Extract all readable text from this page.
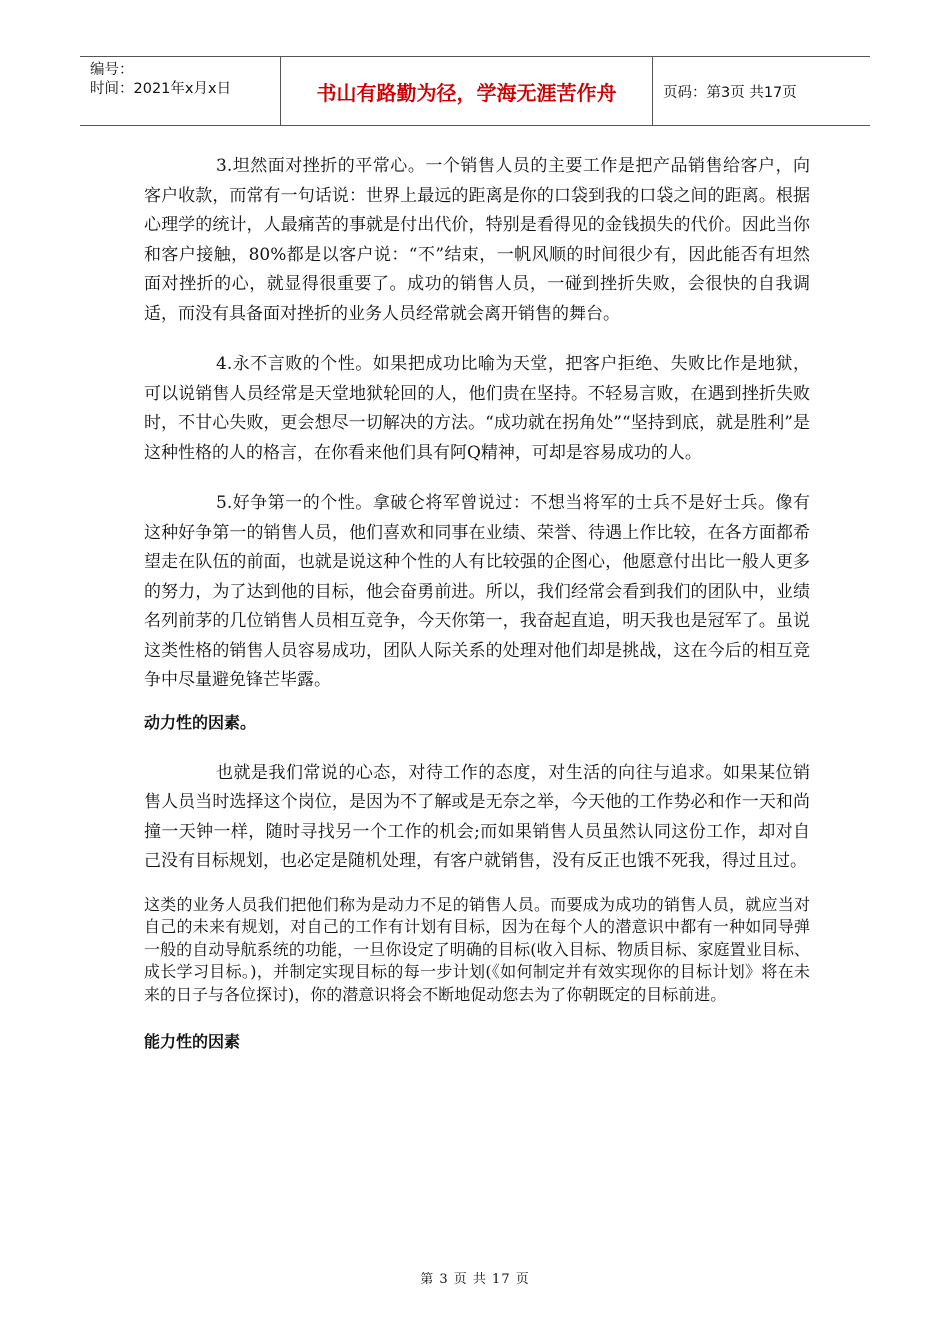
编号：
时间：2021年x月x日	书山有路勤为径，学海无涯苦作舟	页码：第3页 共17页

3.坦然面对挫折的平常心。一个销售人员的主要工作是把产品销售给客户，向客户收款，而常有一句话说：世界上最远的距离是你的口袋到我的口袋之间的距离。根据心理学的统计，人最痛苦的事就是付出代价，特别是看得见的金钱损失的代价。因此当你和客户接触，80%都是以客户说：“不”结束，一帆风顺的时间很少有，因此能否有坦然面对挫折的心，就显得很重要了。成功的销售人员，一碰到挫折失败，会很快的自我调适，而没有具备面对挫折的业务人员经常就会离开销售的舞台。

4.永不言败的个性。如果把成功比喻为天堂，把客户拒绝、失败比作是地狱，可以说销售人员经常是天堂地狱轮回的人，他们贵在坚持。不轻易言败，在遇到挫折失败时，不甘心失败，更会想尽一切解决的方法。“成功就在拐角处”“坚持到底，就是胜利”是这种性格的人的格言，在你看来他们具有阿Q精神，可却是容易成功的人。

5.好争第一的个性。拿破仑将军曾说过：不想当将军的士兵不是好士兵。像有这种好争第一的销售人员，他们喜欢和同事在业绩、荣誉、待遇上作比较，在各方面都希望走在队伍的前面，也就是说这种个性的人有比较强的企图心，他愿意付出比一般人更多的努力，为了达到他的目标，他会奋勇前进。所以，我们经常会看到我们的团队中，业绩名列前茅的几位销售人员相互竞争，今天你第一，我奋起直追，明天我也是冠军了。虽说这类性格的销售人员容易成功，团队人际关系的处理对他们却是挑战，这在今后的相互竞争中尽量避免锋芒毕露。

动力性的因素。

也就是我们常说的心态，对待工作的态度，对生活的向往与追求。如果某位销售人员当时选择这个岗位，是因为不了解或是无奈之举，今天他的工作势必和作一天和尚撞一天钟一样，随时寻找另一个工作的机会;而如果销售人员虽然认同这份工作，却对自己没有目标规划，也必定是随机处理，有客户就销售，没有反正也饿不死我，得过且过。

这类的业务人员我们把他们称为是动力不足的销售人员。而要成为成功的销售人员，就应当对自己的未来有规划，对自己的工作有计划有目标，因为在每个人的潜意识中都有一种如同导弹一般的自动导航系统的功能，一旦你设定了明确的目标(收入目标、物质目标、家庭置业目标、成长学习目标。)，并制定实现目标的每一步计划(《如何制定并有效实现你的目标计划》将在未来的日子与各位探讨)，你的潜意识将会不断地促动您去为了你朝既定的目标前进。

能力性的因素

第 3 页 共 17 页
